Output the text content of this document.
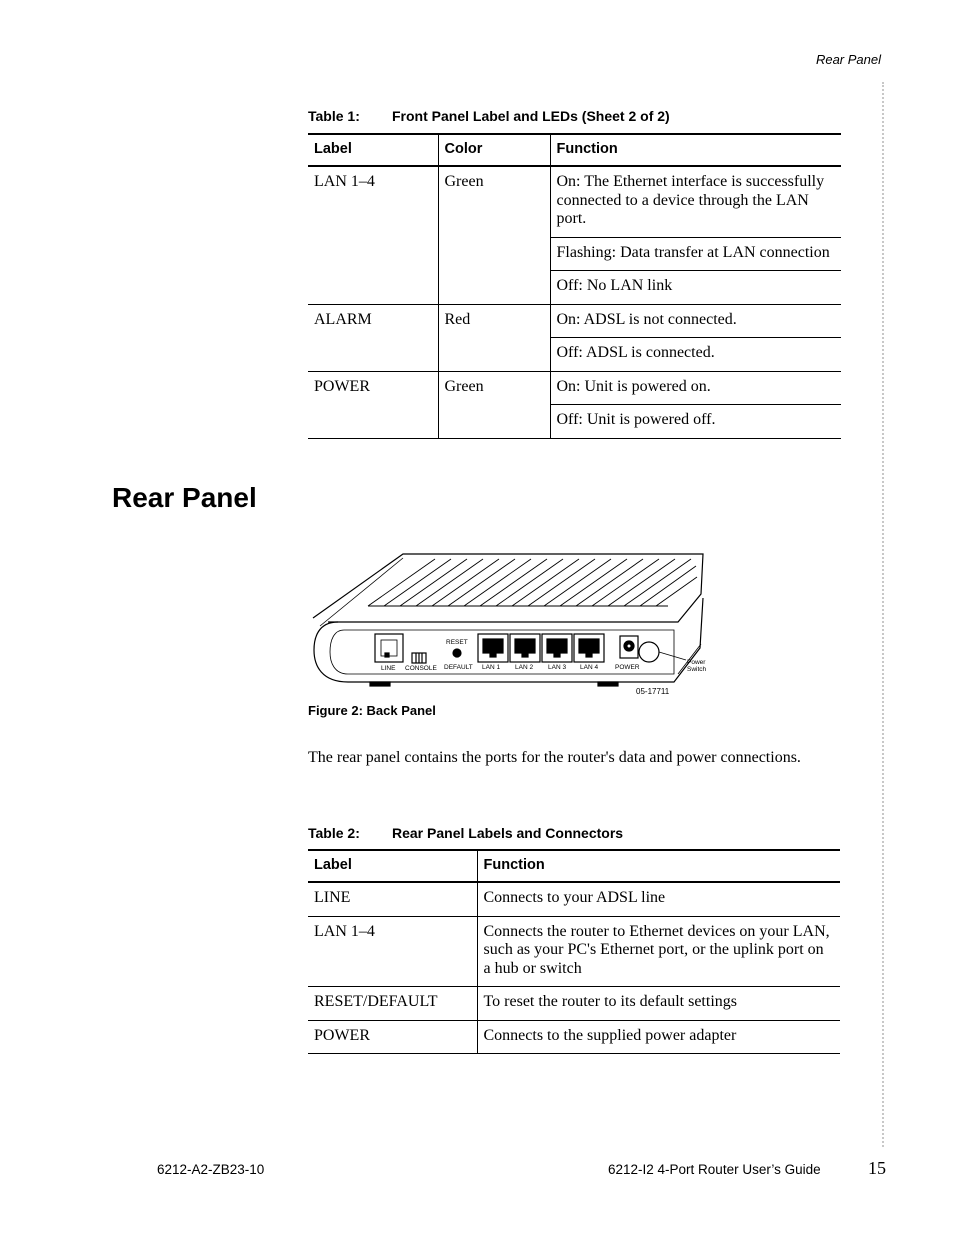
Rear Panel
Table 1: Front Panel Label and LEDs (Sheet 2 of 2)
Label	Color	Function
LAN 1–4	Green	On: The Ethernet interface is successfully connected to a device through the LAN port.
		Flashing: Data transfer at LAN connection
		Off: No LAN link
ALARM	Red	On: ADSL is not connected.
		Off: ADSL is connected.
POWER	Green	On: Unit is powered on.
		Off: Unit is powered off.
Rear Panel
LINE CONSOLE
RESET
DEFAULT LAN 1 LAN 2 LAN 3 LAN 4	POWER
Power
Switch
05-17711
Figure 2: Back Panel
The rear panel contains the ports for the router's data and power connections.
Table 2: Rear Panel Labels and Connectors
Label	Function
LINE	Connects to your ADSL line
LAN 1–4	Connects the router to Ethernet devices on your LAN, such as your PC's Ethernet port, or the uplink port on a hub or switch
RESET/DEFAULT	To reset the router to its default settings
POWER	Connects to the supplied power adapter
6212-A2-ZB23-10	6212-I2 4-Port Router User’s Guide	15
